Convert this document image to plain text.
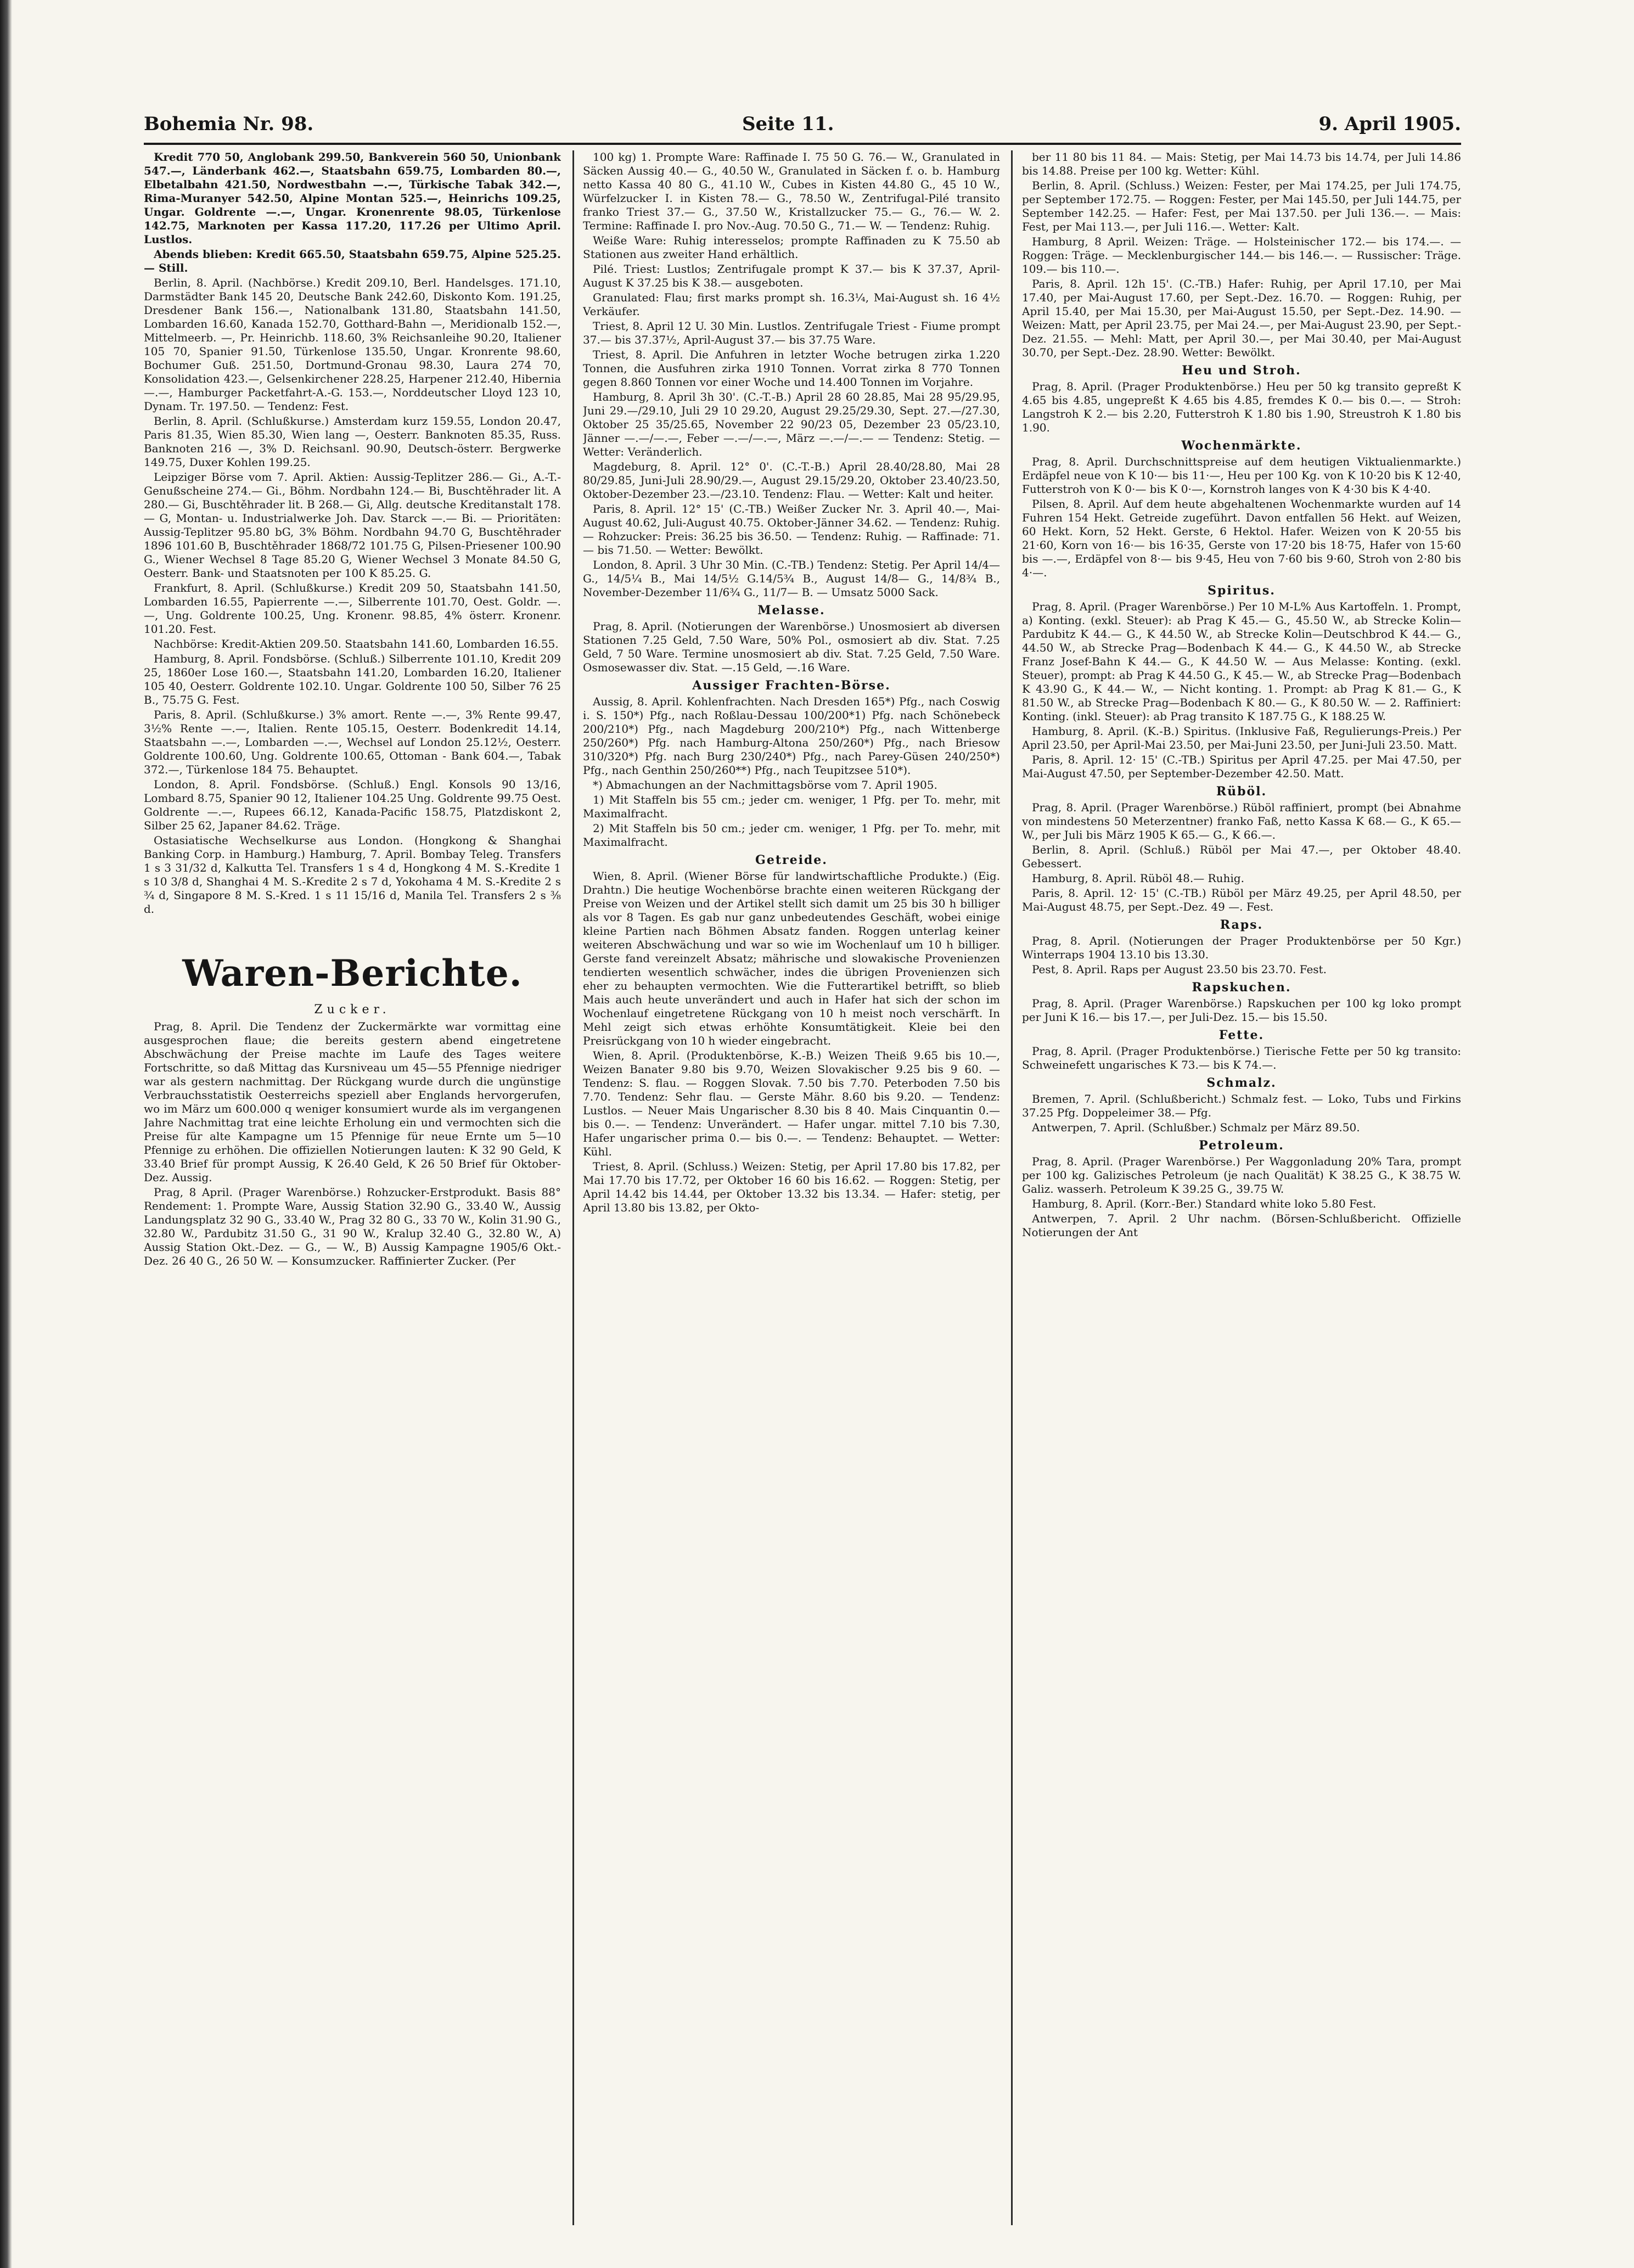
Bohemia Nr. 98.	Seite 11.	9. April 1905.

Kredit 770 50, Anglobank 299.50, Bankverein 560 50, Unionbank 547.—, Länderbank 462.—, Staatsbahn 659.75, Lombarden 80.—, Elbetalbahn 421.50, Nordwestbahn —.—, Türkische Tabak 342.—, Rima-Muranyer 542.50, Alpine Montan 525.—, Heinrichs 109.25, Ungar. Goldrente —.—, Ungar. Kronenrente 98.05, Türkenlose 142.75, Marknoten per Kassa 117.20, 117.26 per Ultimo April. Lustlos.

Abends blieben: Kredit 665.50, Staatsbahn 659.75, Alpine 525.25. — Still.

Berlin, 8. April. (Nachbörse.) Kredit 209.10, Berl. Handelsges. 171.10, Darmstädter Bank 145 20, Deutsche Bank 242.60, Diskonto Kom. 191.25, Dresdener Bank 156.—, Nationalbank 131.80, Staatsbahn 141.50, Lombarden 16.60, Kanada 152.70, Gotthard-Bahn —, Meridionalb 152.—, Mittelmeerb. —, Pr. Heinrichb. 118.60, 3% Reichsanleihe 90.20, Italiener 105 70, Spanier 91.50, Türkenlose 135.50, Ungar. Kronrente 98.60, Bochumer Guß. 251.50, Dortmund-Gronau 98.30, Laura 274 70, Konsolidation 423.—, Gelsenkirchener 228.25, Harpener 212.40, Hibernia —.—, Hamburger Packetfahrt-A.-G. 153.—, Norddeutscher Lloyd 123 10, Dynam. Tr. 197.50. — Tendenz: Fest.

Berlin, 8. April. (Schlußkurse.) Amsterdam kurz 159.55, London 20.47, Paris 81.35, Wien 85.30, Wien lang —, Oesterr. Banknoten 85.35, Russ. Banknoten 216 —, 3% D. Reichsanl. 90.90, Deutsch-österr. Bergwerke 149.75, Duxer Kohlen 199.25.

Leipziger Börse vom 7. April. Aktien: Aussig-Teplitzer 286.— Gi., A.-T.-Genußscheine 274.— Gi., Böhm. Nordbahn 124.— Bi, Buschtěhrader lit. A 280.— Gi, Buschtěhrader lit. B 268.— Gi, Allg. deutsche Kreditanstalt 178.— G, Montan- u. Industrialwerke Joh. Dav. Starck —.— Bi. — Prioritäten: Aussig-Teplitzer 95.80 bG, 3% Böhm. Nordbahn 94.70 G, Buschtěhrader 1896 101.60 B, Buschtěhrader 1868/72 101.75 G, Pilsen-Priesener 100.90 G., Wiener Wechsel 8 Tage 85.20 G, Wiener Wechsel 3 Monate 84.50 G, Oesterr. Bank- und Staatsnoten per 100 K 85.25. G.

Frankfurt, 8. April. (Schlußkurse.) Kredit 209 50, Staatsbahn 141.50, Lombarden 16.55, Papierrente —.—, Silberrente 101.70, Oest. Goldr. —.—, Ung. Goldrente 100.25, Ung. Kronenr. 98.85, 4% österr. Kronenr. 101.20. Fest.

Nachbörse: Kredit-Aktien 209.50. Staatsbahn 141.60, Lombarden 16.55.

Hamburg, 8. April. Fondsbörse. (Schluß.) Silberrente 101.10, Kredit 209 25, 1860er Lose 160.—, Staatsbahn 141.20, Lombarden 16.20, Italiener 105 40, Oesterr. Goldrente 102.10. Ungar. Goldrente 100 50, Silber 76 25 B., 75.75 G. Fest.

Paris, 8. April. (Schlußkurse.) 3% amort. Rente —.—, 3% Rente 99.47, 3½% Rente —.—, Italien. Rente 105.15, Oesterr. Bodenkredit 14.14, Staatsbahn —.—, Lombarden —.—, Wechsel auf London 25.12½, Oesterr. Goldrente 100.60, Ung. Goldrente 100.65, Ottoman - Bank 604.—, Tabak 372.—, Türkenlose 184 75. Behauptet.

London, 8. April. Fondsbörse. (Schluß.) Engl. Konsols 90 13/16, Lombard 8.75, Spanier 90 12, Italiener 104.25 Ung. Goldrente 99.75 Oest. Goldrente —.—, Rupees 66.12, Kanada-Pacific 158.75, Platzdiskont 2, Silber 25 62, Japaner 84.62. Träge.

Ostasiatische Wechselkurse aus London. (Hongkong & Shanghai Banking Corp. in Hamburg.) Hamburg, 7. April. Bombay Teleg. Transfers 1 s 3 31/32 d, Kalkutta Tel. Transfers 1 s 4 d, Hongkong 4 M. S.-Kredite 1 s 10 3/8 d, Shanghai 4 M. S.-Kredite 2 s 7 d, Yokohama 4 M. S.-Kredite 2 s ¾ d, Singapore 8 M. S.-Kred. 1 s 11 15/16 d, Manila Tel. Transfers 2 s ⅜ d.

Waren-Berichte.
Zucker.

Prag, 8. April. Die Tendenz der Zuckermärkte war vormittag eine ausgesprochen flaue; die bereits gestern abend eingetretene Abschwächung der Preise machte im Laufe des Tages weitere Fortschritte, so daß Mittag das Kursniveau um 45—55 Pfennige niedriger war als gestern nachmittag. Der Rückgang wurde durch die ungünstige Verbrauchsstatistik Oesterreichs speziell aber Englands hervorgerufen, wo im März um 600.000 q weniger konsumiert wurde als im vergangenen Jahre Nachmittag trat eine leichte Erholung ein und vermochten sich die Preise für alte Kampagne um 15 Pfennige für neue Ernte um 5—10 Pfennige zu erhöhen. Die offiziellen Notierungen lauten: K 32 90 Geld, K 33.40 Brief für prompt Aussig, K 26.40 Geld, K 26 50 Brief für Oktober-Dez. Aussig.

Prag, 8 April. (Prager Warenbörse.) Rohzucker-Erstprodukt. Basis 88° Rendement: 1. Prompte Ware, Aussig Station 32.90 G., 33.40 W., Aussig Landungsplatz 32 90 G., 33.40 W., Prag 32 80 G., 33 70 W., Kolin 31.90 G., 32.80 W., Pardubitz 31.50 G., 31 90 W., Kralup 32.40 G., 32.80 W., A) Aussig Station Okt.-Dez. — G., — W., B) Aussig Kampagne 1905/6 Okt.-Dez. 26 40 G., 26 50 W. — Konsumzucker. Raffinierter Zucker. (Per

100 kg) 1. Prompte Ware: Raffinade I. 75 50 G. 76.— W., Granulated in Säcken Aussig 40.— G., 40.50 W., Granulated in Säcken f. o. b. Hamburg netto Kassa 40 80 G., 41.10 W., Cubes in Kisten 44.80 G., 45 10 W., Würfelzucker I. in Kisten 78.— G., 78.50 W., Zentrifugal-Pilé transito franko Triest 37.— G., 37.50 W., Kristallzucker 75.— G., 76.— W. 2. Termine: Raffinade I. pro Nov.-Aug. 70.50 G., 71.— W. — Tendenz: Ruhig.

Weiße Ware: Ruhig interesselos; prompte Raffinaden zu K 75.50 ab Stationen aus zweiter Hand erhältlich.

Pilé. Triest: Lustlos; Zentrifugale prompt K 37.— bis K 37.37, April-August K 37.25 bis K 38.— ausgeboten.

Granulated: Flau; first marks prompt sh. 16.3¼, Mai-August sh. 16 4½ Verkäufer.

Triest, 8. April 12 U. 30 Min. Lustlos. Zentrifugale Triest - Fiume prompt 37.— bis 37.37½, April-August 37.— bis 37.75 Ware.

Triest, 8. April. Die Anfuhren in letzter Woche betrugen zirka 1.220 Tonnen, die Ausfuhren zirka 1910 Tonnen. Vorrat zirka 8 770 Tonnen gegen 8.860 Tonnen vor einer Woche und 14.400 Tonnen im Vorjahre.

Hamburg, 8. April 3h 30'. (C.-T.-B.) April 28 60 28.85, Mai 28 95/29.95, Juni 29.—/29.10, Juli 29 10 29.20, August 29.25/29.30, Sept. 27.—/27.30, Oktober 25 35/25.65, November 22 90/23 05, Dezember 23 05/23.10, Jänner —.—/—.—, Feber —.—/—.—, März —.—/—.— — Tendenz: Stetig. — Wetter: Veränderlich.

Magdeburg, 8. April. 12° 0'. (C.-T.-B.) April 28.40/28.80, Mai 28 80/29.85, Juni-Juli 28.90/29.—, August 29.15/29.20, Oktober 23.40/23.50, Oktober-Dezember 23.—/23.10. Tendenz: Flau. — Wetter: Kalt und heiter.

Paris, 8. April. 12° 15' (C.-TB.) Weißer Zucker Nr. 3. April 40.—, Mai-August 40.62, Juli-August 40.75. Oktober-Jänner 34.62. — Tendenz: Ruhig. — Rohzucker: Preis: 36.25 bis 36.50. — Tendenz: Ruhig. — Raffinade: 71.— bis 71.50. — Wetter: Bewölkt.

London, 8. April. 3 Uhr 30 Min. (C.-TB.) Tendenz: Stetig. Per April 14/4— G., 14/5¼ B., Mai 14/5½ G.14/5¾ B., August 14/8— G., 14/8¾ B., November-Dezember 11/6¾ G., 11/7— B. — Umsatz 5000 Sack.

Melasse.

Prag, 8. April. (Notierungen der Warenbörse.) Unosmosiert ab diversen Stationen 7.25 Geld, 7.50 Ware, 50% Pol., osmosiert ab div. Stat. 7.25 Geld, 7 50 Ware. Termine unosmosiert ab div. Stat. 7.25 Geld, 7.50 Ware. Osmosewasser div. Stat. —.15 Geld, —.16 Ware.

Aussiger Frachten-Börse.

Aussig, 8. April. Kohlenfrachten. Nach Dresden 165*) Pfg., nach Coswig i. S. 150*) Pfg., nach Roßlau-Dessau 100/200*1) Pfg. nach Schönebeck 200/210*) Pfg., nach Magdeburg 200/210*) Pfg., nach Wittenberge 250/260*) Pfg. nach Hamburg-Altona 250/260*) Pfg., nach Briesow 310/320*) Pfg. nach Burg 230/240*) Pfg., nach Parey-Güsen 240/250*) Pfg., nach Genthin 250/260**) Pfg., nach Teupitzsee 510*).

*) Abmachungen an der Nachmittagsbörse vom 7. April 1905.

1) Mit Staffeln bis 55 cm.; jeder cm. weniger, 1 Pfg. per To. mehr, mit Maximalfracht.

2) Mit Staffeln bis 50 cm.; jeder cm. weniger, 1 Pfg. per To. mehr, mit Maximalfracht.

Getreide.

Wien, 8. April. (Wiener Börse für landwirtschaftliche Produkte.) (Eig. Drahtn.) Die heutige Wochenbörse brachte einen weiteren Rückgang der Preise von Weizen und der Artikel stellt sich damit um 25 bis 30 h billiger als vor 8 Tagen. Es gab nur ganz unbedeutendes Geschäft, wobei einige kleine Partien nach Böhmen Absatz fanden. Roggen unterlag keiner weiteren Abschwächung und war so wie im Wochenlauf um 10 h billiger. Gerste fand vereinzelt Absatz; mährische und slowakische Provenienzen tendierten wesentlich schwächer, indes die übrigen Provenienzen sich eher zu behaupten vermochten. Wie die Futterartikel betrifft, so blieb Mais auch heute unverändert und auch in Hafer hat sich der schon im Wochenlauf eingetretene Rückgang von 10 h meist noch verschärft. In Mehl zeigt sich etwas erhöhte Konsumtätigkeit. Kleie bei den Preisrückgang von 10 h wieder eingebracht.

Wien, 8. April. (Produktenbörse, K.-B.) Weizen Theiß 9.65 bis 10.—, Weizen Banater 9.80 bis 9.70, Weizen Slovakischer 9.25 bis 9 60. — Tendenz: S. flau. — Roggen Slovak. 7.50 bis 7.70. Peterboden 7.50 bis 7.70. Tendenz: Sehr flau. — Gerste Mähr. 8.60 bis 9.20. — Tendenz: Lustlos. — Neuer Mais Ungarischer 8.30 bis 8 40. Mais Cinquantin 0.— bis 0.—. — Tendenz: Unverändert. — Hafer ungar. mittel 7.10 bis 7.30, Hafer ungarischer prima 0.— bis 0.—. — Tendenz: Behauptet. — Wetter: Kühl.

Triest, 8. April. (Schluss.) Weizen: Stetig, per April 17.80 bis 17.82, per Mai 17.70 bis 17.72, per Oktober 16 60 bis 16.62. — Roggen: Stetig, per April 14.42 bis 14.44, per Oktober 13.32 bis 13.34. — Hafer: stetig, per April 13.80 bis 13.82, per Okto-

ber 11 80 bis 11 84. — Mais: Stetig, per Mai 14.73 bis 14.74, per Juli 14.86 bis 14.88. Preise per 100 kg. Wetter: Kühl.

Berlin, 8. April. (Schluss.) Weizen: Fester, per Mai 174.25, per Juli 174.75, per September 172.75. — Roggen: Fester, per Mai 145.50, per Juli 144.75, per September 142.25. — Hafer: Fest, per Mai 137.50. per Juli 136.—. — Mais: Fest, per Mai 113.—, per Juli 116.—. Wetter: Kalt.

Hamburg, 8 April. Weizen: Träge. — Holsteinischer 172.— bis 174.—. — Roggen: Träge. — Mecklenburgischer 144.— bis 146.—. — Russischer: Träge. 109.— bis 110.—.

Paris, 8. April. 12h 15'. (C.-TB.) Hafer: Ruhig, per April 17.10, per Mai 17.40, per Mai-August 17.60, per Sept.-Dez. 16.70. — Roggen: Ruhig, per April 15.40, per Mai 15.30, per Mai-August 15.50, per Sept.-Dez. 14.90. — Weizen: Matt, per April 23.75, per Mai 24.—, per Mai-August 23.90, per Sept.-Dez. 21.55. — Mehl: Matt, per April 30.—, per Mai 30.40, per Mai-August 30.70, per Sept.-Dez. 28.90. Wetter: Bewölkt.

Heu und Stroh.

Prag, 8. April. (Prager Produktenbörse.) Heu per 50 kg transito gepreßt K 4.65 bis 4.85, ungepreßt K 4.65 bis 4.85, fremdes K 0.— bis 0.—. — Stroh: Langstroh K 2.— bis 2.20, Futterstroh K 1.80 bis 1.90, Streustroh K 1.80 bis 1.90.

Wochenmärkte.

Prag, 8. April. Durchschnittspreise auf dem heutigen Viktualienmarkte.) Erdäpfel neue von K 10·— bis 11·—, Heu per 100 Kg. von K 10·20 bis K 12·40, Futterstroh von K 0·— bis K 0·—, Kornstroh langes von K 4·30 bis K 4·40.

Pilsen, 8. April. Auf dem heute abgehaltenen Wochenmarkte wurden auf 14 Fuhren 154 Hekt. Getreide zugeführt. Davon entfallen 56 Hekt. auf Weizen, 60 Hekt. Korn, 52 Hekt. Gerste, 6 Hektol. Hafer. Weizen von K 20·55 bis 21·60, Korn von 16·— bis 16·35, Gerste von 17·20 bis 18·75, Hafer von 15·60 bis —.—, Erdäpfel von 8·— bis 9·45, Heu von 7·60 bis 9·60, Stroh von 2·80 bis 4·—.

Spiritus.

Prag, 8. April. (Prager Warenbörse.) Per 10 M-L% Aus Kartoffeln. 1. Prompt, a) Konting. (exkl. Steuer): ab Prag K 45.— G., 45.50 W., ab Strecke Kolin—Pardubitz K 44.— G., K 44.50 W., ab Strecke Kolin—Deutschbrod K 44.— G., 44.50 W., ab Strecke Prag—Bodenbach K 44.— G., K 44.50 W., ab Strecke Franz Josef-Bahn K 44.— G., K 44.50 W. — Aus Melasse: Konting. (exkl. Steuer), prompt: ab Prag K 44.50 G., K 45.— W., ab Strecke Prag—Bodenbach K 43.90 G., K 44.— W., — Nicht konting. 1. Prompt: ab Prag K 81.— G., K 81.50 W., ab Strecke Prag—Bodenbach K 80.— G., K 80.50 W. — 2. Raffiniert: Konting. (inkl. Steuer): ab Prag transito K 187.75 G., K 188.25 W.

Hamburg, 8. April. (K.-B.) Spiritus. (Inklusive Faß, Regulierungs-Preis.) Per April 23.50, per April-Mai 23.50, per Mai-Juni 23.50, per Juni-Juli 23.50. Matt.

Paris, 8. April. 12· 15' (C.-TB.) Spiritus per April 47.25. per Mai 47.50, per Mai-August 47.50, per September-Dezember 42.50. Matt.

Rüböl.

Prag, 8. April. (Prager Warenbörse.) Rüböl raffiniert, prompt (bei Abnahme von mindestens 50 Meterzentner) franko Faß, netto Kassa K 68.— G., K 65.— W., per Juli bis März 1905 K 65.— G., K 66.—.

Berlin, 8. April. (Schluß.) Rüböl per Mai 47.—, per Oktober 48.40. Gebessert.

Hamburg, 8. April. Rüböl 48.— Ruhig.

Paris, 8. April. 12· 15' (C.-TB.) Rüböl per März 49.25, per April 48.50, per Mai-August 48.75, per Sept.-Dez. 49 —. Fest.

Raps.

Prag, 8. April. (Notierungen der Prager Produktenbörse per 50 Kgr.) Winterraps 1904 13.10 bis 13.30.

Pest, 8. April. Raps per August 23.50 bis 23.70. Fest.

Rapskuchen.

Prag, 8. April. (Prager Warenbörse.) Rapskuchen per 100 kg loko prompt per Juni K 16.— bis 17.—, per Juli-Dez. 15.— bis 15.50.

Fette.

Prag, 8. April. (Prager Produktenbörse.) Tierische Fette per 50 kg transito: Schweinefett ungarisches K 73.— bis K 74.—.

Schmalz.

Bremen, 7. April. (Schlußbericht.) Schmalz fest. — Loko, Tubs und Firkins 37.25 Pfg. Doppeleimer 38.— Pfg.

Antwerpen, 7. April. (Schlußber.) Schmalz per März 89.50.

Petroleum.

Prag, 8. April. (Prager Warenbörse.) Per Waggonladung 20% Tara, prompt per 100 kg. Galizisches Petroleum (je nach Qualität) K 38.25 G., K 38.75 W. Galiz. wasserh. Petroleum K 39.25 G., 39.75 W.

Hamburg, 8. April. (Korr.-Ber.) Standard white loko 5.80 Fest.

Antwerpen, 7. April. 2 Uhr nachm. (Börsen-Schlußbericht. Offizielle Notierungen der Ant
